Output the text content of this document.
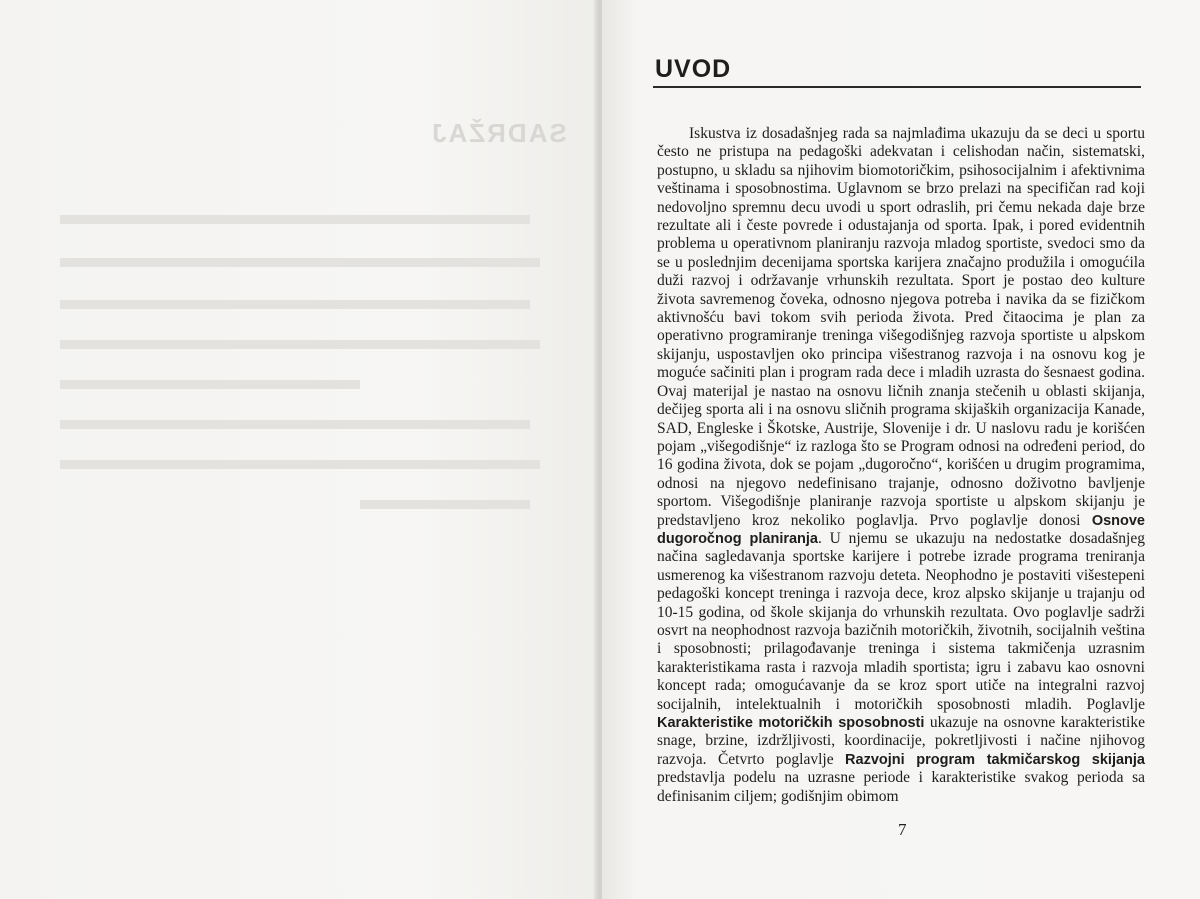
SADRŽAJ
UVOD

Iskustva iz dosadašnjeg rada sa najmlađima ukazuju da se deci u sportu često ne pristupa na pedagoški adekvatan i celishodan način, sistematski, postupno, u skladu sa njihovim biomotoričkim, psihosocijalnim i afektivnima veštinama i sposobnostima. Uglavnom se brzo prelazi na specifičan rad koji nedovoljno spremnu decu uvodi u sport odraslih, pri čemu nekada daje brze rezultate ali i česte povrede i odustajanja od sporta. Ipak, i pored evidentnih problema u operativnom planiranju razvoja mladog sportiste, svedoci smo da se u poslednjim decenijama sportska karijera značajno produžila i omogućila duži razvoj i održavanje vrhunskih rezultata. Sport je postao deo kulture života savremenog čoveka, odnosno njegova potreba i navika da se fizičkom aktivnošću bavi tokom svih perioda života. Pred čitaocima je plan za operativno programiranje treninga višegodišnjeg razvoja sportiste u alpskom skijanju, uspostavljen oko principa višestranog razvoja i na osnovu kog je moguće sačiniti plan i program rada dece i mladih uzrasta do šesnaest godina. Ovaj materijal je nastao na osnovu ličnih znanja stečenih u oblasti skijanja, dečijeg sporta ali i na osnovu sličnih programa skijaških organizacija Kanade, SAD, Engleske i Škotske, Austrije, Slovenije i dr. U naslovu radu je korišćen pojam „višegodišnje“ iz razloga što se Program odnosi na određeni period, do 16 godina života, dok se pojam „dugoročno“, korišćen u drugim programima, odnosi na njegovo nedefinisano trajanje, odnosno doživotno bavljenje sportom. Višegodišnje planiranje razvoja sportiste u alpskom skijanju je predstavljeno kroz nekoliko poglavlja. Prvo poglavlje donosi Osnove dugoročnog planiranja. U njemu se ukazuju na nedostatke dosadašnjeg načina sagledavanja sportske karijere i potrebe izrade programa treniranja usmerenog ka višestranom razvoju deteta. Neophodno je postaviti višestepeni pedagoški koncept treninga i razvoja dece, kroz alpsko skijanje u trajanju od 10-15 godina, od škole skijanja do vrhunskih rezultata. Ovo poglavlje sadrži osvrt na neophodnost razvoja bazičnih motoričkih, životnih, socijalnih veština i sposobnosti; prilagođavanje treninga i sistema takmičenja uzrasnim karakteristikama rasta i razvoja mladih sportista; igru i zabavu kao osnovni koncept rada; omogućavanje da se kroz sport utiče na integralni razvoj socijalnih, intelektualnih i motoričkih sposobnosti mladih. Poglavlje Karakteristike motoričkih sposobnosti ukazuje na osnovne karakteristike snage, brzine, izdržljivosti, koordinacije, pokretljivosti i načine njihovog razvoja. Četvrto poglavlje Razvojni program takmičarskog skijanja predstavlja podelu na uzrasne periode i karakteristike svakog perioda sa definisanim ciljem; godišnjim obimom

7
